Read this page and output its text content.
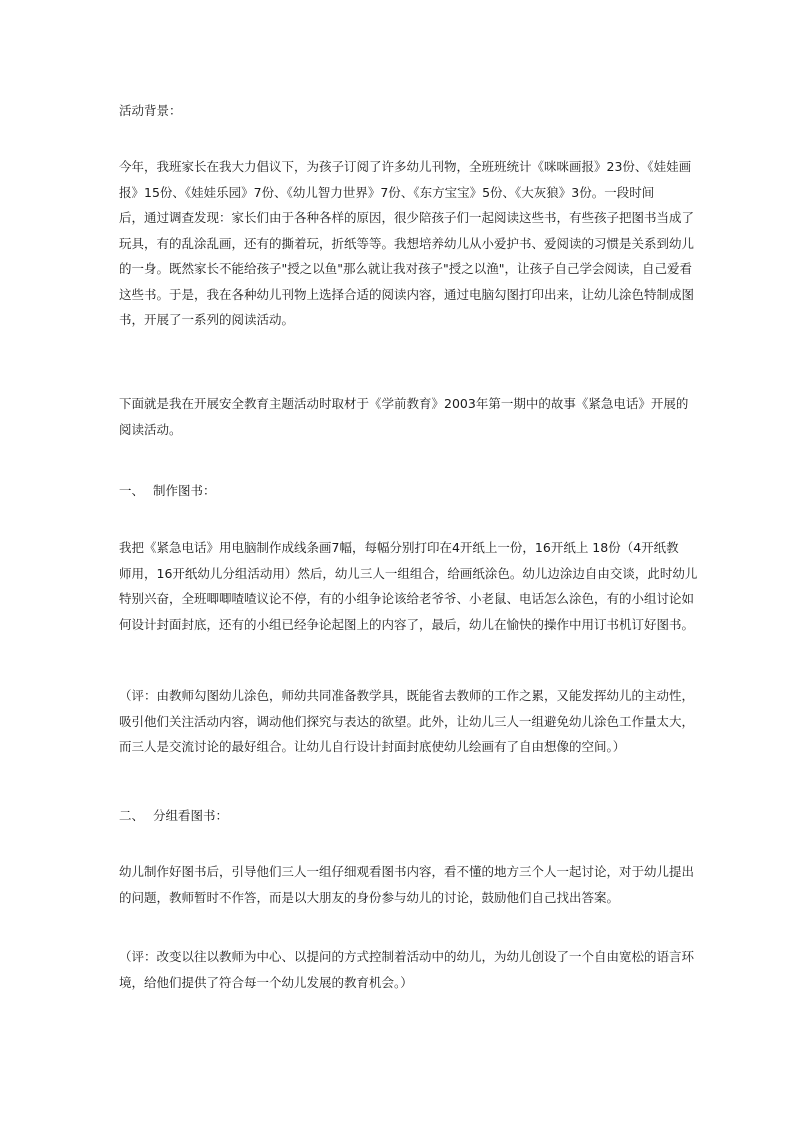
活动背景：

今年，我班家长在我大力倡议下，为孩子订阅了许多幼儿刊物，全班班统计《咪咪画报》23份、《娃娃画
报》15份、《娃娃乐园》7份、《幼儿智力世界》7份、《东方宝宝》5份、《大灰狼》3份。一段时间
后，通过调查发现：家长们由于各种各样的原因，很少陪孩子们一起阅读这些书，有些孩子把图书当成了
玩具，有的乱涂乱画，还有的撕着玩，折纸等等。我想培养幼儿从小爱护书、爱阅读的习惯是关系到幼儿
的一身。既然家长不能给孩子"授之以鱼"那么就让我对孩子"授之以渔"，让孩子自己学会阅读，自己爱看
这些书。于是，我在各种幼儿刊物上选择合适的阅读内容，通过电脑勾图打印出来，让幼儿涂色特制成图
书，开展了一系列的阅读活动。

下面就是我在开展安全教育主题活动时取材于《学前教育》2003年第一期中的故事《紧急电话》开展的
阅读活动。

一、 制作图书：

我把《紧急电话》用电脑制作成线条画7幅，每幅分别打印在4开纸上一份，16开纸上 18份（4开纸教
师用，16开纸幼儿分组活动用）然后，幼儿三人一组组合，给画纸涂色。幼儿边涂边自由交谈，此时幼儿
特别兴奋，全班唧唧喳喳议论不停，有的小组争论该给老爷爷、小老鼠、电话怎么涂色，有的小组讨论如
何设计封面封底，还有的小组已经争论起图上的内容了，最后，幼儿在愉快的操作中用订书机订好图书。

（评：由教师勾图幼儿涂色，师幼共同准备教学具，既能省去教师的工作之累，又能发挥幼儿的主动性，
吸引他们关注活动内容，调动他们探究与表达的欲望。此外，让幼儿三人一组避免幼儿涂色工作量太大，
而三人是交流讨论的最好组合。让幼儿自行设计封面封底使幼儿绘画有了自由想像的空间。）

二、 分组看图书：

幼儿制作好图书后，引导他们三人一组仔细观看图书内容，看不懂的地方三个人一起讨论，对于幼儿提出
的问题，教师暂时不作答，而是以大朋友的身份参与幼儿的讨论，鼓励他们自己找出答案。

（评：改变以往以教师为中心、以提问的方式控制着活动中的幼儿，为幼儿创设了一个自由宽松的语言环
境，给他们提供了符合每一个幼儿发展的教育机会。）
